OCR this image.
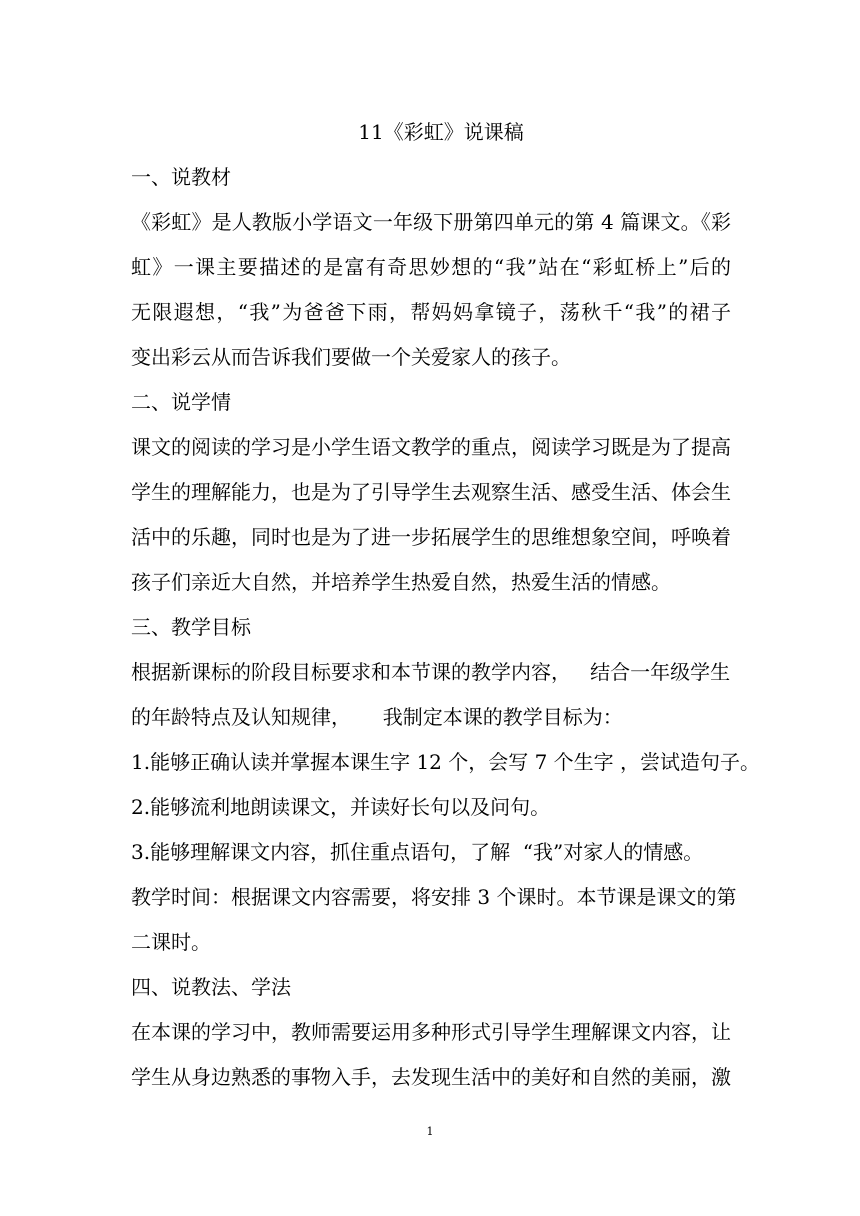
11《彩虹》说课稿
一、说教材
《彩虹》是人教版小学语文一年级下册第四单元的第 4 篇课文。《彩
虹》一课主要描述的是富有奇思妙想的“我”站在“彩虹桥上”后的
无限遐想，“我”为爸爸下雨，帮妈妈拿镜子，荡秋千“我”的裙子
变出彩云从而告诉我们要做一个关爱家人的孩子。
二、说学情
课文的阅读的学习是小学生语文教学的重点，阅读学习既是为了提高
学生的理解能力，也是为了引导学生去观察生活、感受生活、体会生
活中的乐趣，同时也是为了进一步拓展学生的思维想象空间，呼唤着
孩子们亲近大自然，并培养学生热爱自然，热爱生活的情感。
三、教学目标
根据新课标的阶段目标要求和本节课的教学内容，   结合一年级学生
的年龄特点及认知规律，     我制定本课的教学目标为：
1.能够正确认读并掌握本课生字 12 个，会写 7 个生字 ，尝试造句子。
2.能够流利地朗读课文，并读好长句以及问句。
3.能够理解课文内容，抓住重点语句，了解  “我”对家人的情感。
教学时间：根据课文内容需要，将安排 3 个课时。本节课是课文的第
二课时。
四、说教法、学法
在本课的学习中，教师需要运用多种形式引导学生理解课文内容，让
学生从身边熟悉的事物入手，去发现生活中的美好和自然的美丽，激
1
